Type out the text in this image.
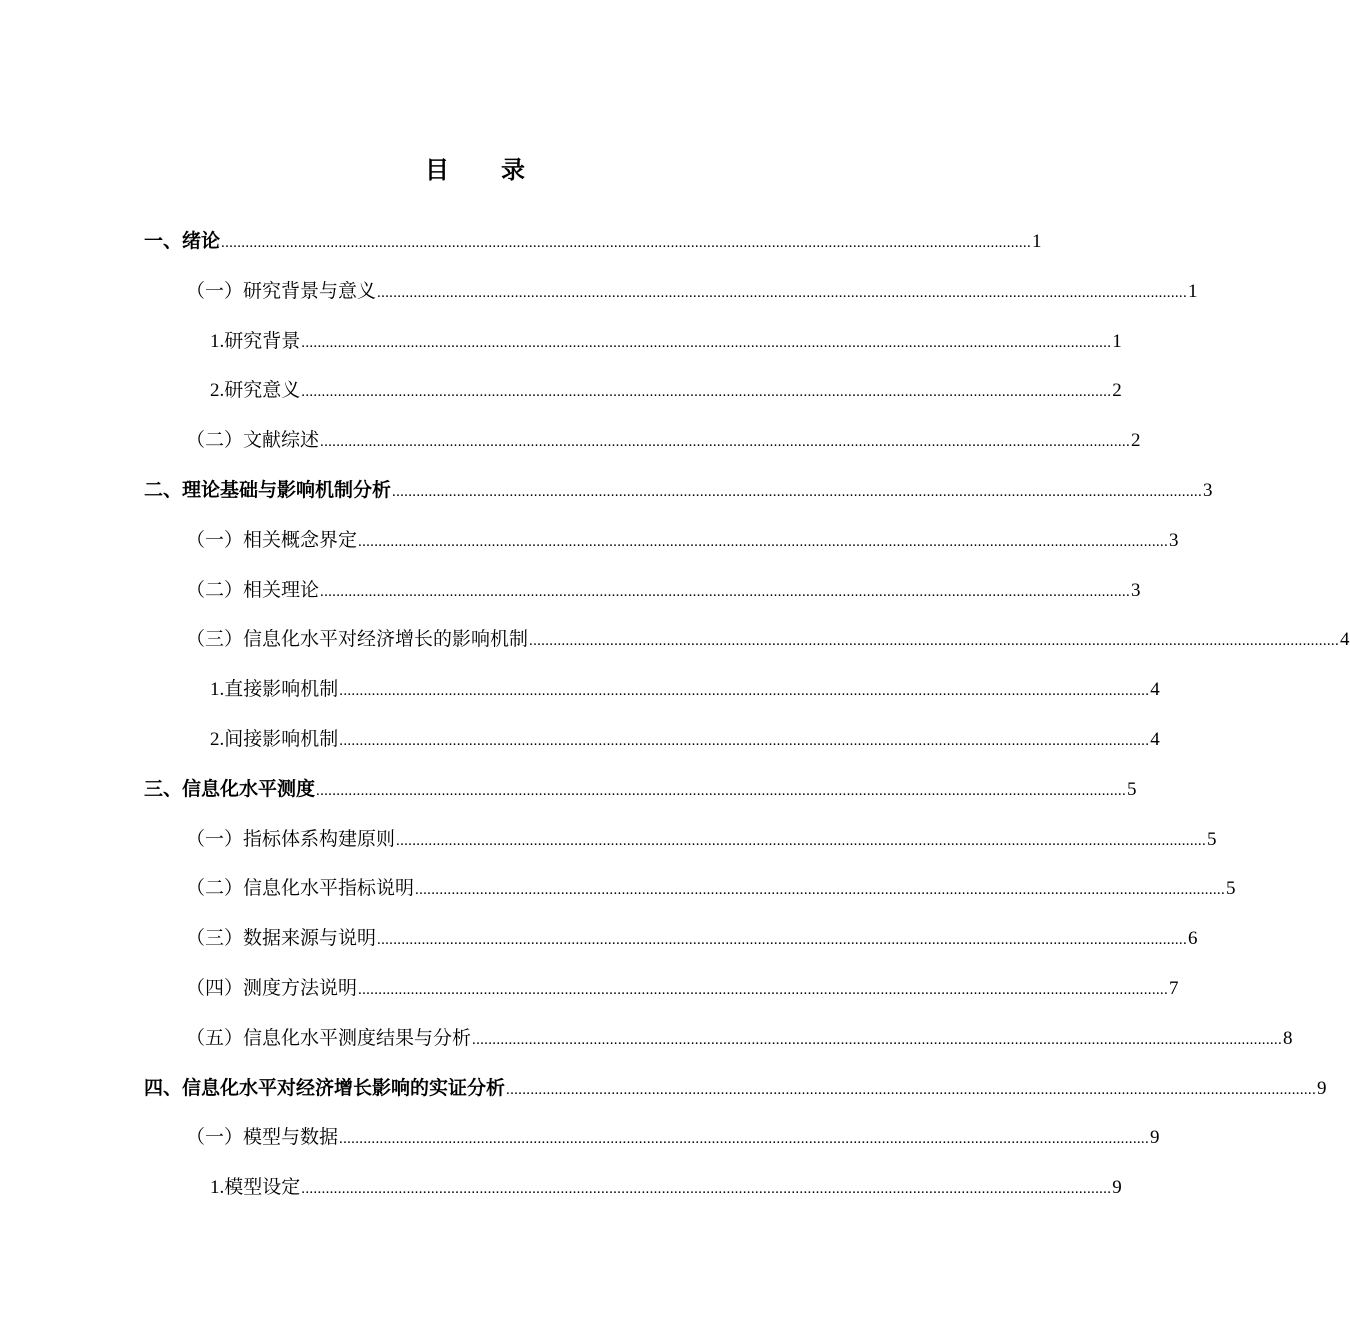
目 录
一、 绪论 ........................................................................................................................................................................................................ 1
（一） 研究背景与意义 ........................................................................................................................................................................................................ 1
1. 研究背景 ........................................................................................................................................................................................................ 1
2. 研究意义 ........................................................................................................................................................................................................ 2
（二） 文献综述 ........................................................................................................................................................................................................ 2
二、 理论基础与影响机制分析 ........................................................................................................................................................................................................ 3
（一） 相关概念界定 ........................................................................................................................................................................................................ 3
（二） 相关理论 ........................................................................................................................................................................................................ 3
（三） 信息化水平对经济增长的影响机制 ........................................................................................................................................................................................................ 4
1. 直接影响机制 ........................................................................................................................................................................................................ 4
2. 间接影响机制 ........................................................................................................................................................................................................ 4
三、 信息化水平测度 ........................................................................................................................................................................................................ 5
（一） 指标体系构建原则 ........................................................................................................................................................................................................ 5
（二） 信息化水平指标说明 ........................................................................................................................................................................................................ 5
（三） 数据来源与说明 ........................................................................................................................................................................................................ 6
（四） 测度方法说明 ........................................................................................................................................................................................................ 7
（五） 信息化水平测度结果与分析 ........................................................................................................................................................................................................ 8
四、 信息化水平对经济增长影响的实证分析 ........................................................................................................................................................................................................ 9
（一） 模型与数据 ........................................................................................................................................................................................................ 9
1. 模型设定 ........................................................................................................................................................................................................ 9
